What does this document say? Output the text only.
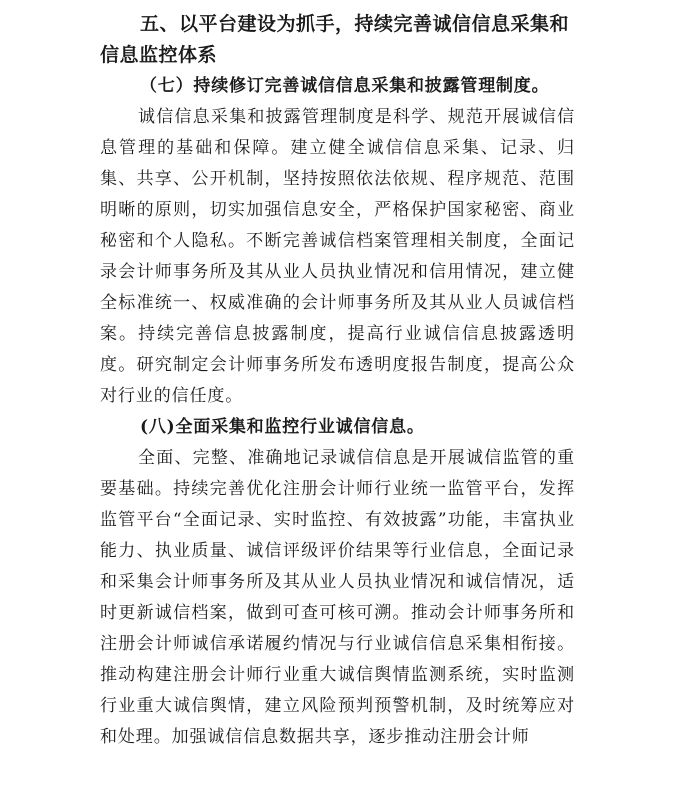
五、以平台建设为抓手，持续完善诚信信息采集和信息监控体系
（七）持续修订完善诚信信息采集和披露管理制度。

诚信信息采集和披露管理制度是科学、规范开展诚信信息管理的基础和保障。建立健全诚信信息采集、记录、归集、共享、公开机制，坚持按照依法依规、程序规范、范围明晰的原则，切实加强信息安全，严格保护国家秘密、商业秘密和个人隐私。不断完善诚信档案管理相关制度，全面记录会计师事务所及其从业人员执业情况和信用情况，建立健全标准统一、权威准确的会计师事务所及其从业人员诚信档案。持续完善信息披露制度，提高行业诚信信息披露透明度。研究制定会计师事务所发布透明度报告制度，提高公众对行业的信任度。

(八)全面采集和监控行业诚信信息。

全面、完整、准确地记录诚信信息是开展诚信监管的重要基础。持续完善优化注册会计师行业统一监管平台，发挥监管平台“全面记录、实时监控、有效披露”功能，丰富执业能力、执业质量、诚信评级评价结果等行业信息，全面记录和采集会计师事务所及其从业人员执业情况和诚信情况，适时更新诚信档案，做到可查可核可溯。推动会计师事务所和注册会计师诚信承诺履约情况与行业诚信信息采集相衔接。推动构建注册会计师行业重大诚信舆情监测系统，实时监测行业重大诚信舆情，建立风险预判预警机制，及时统筹应对和处理。加强诚信信息数据共享，逐步推动注册会计师
